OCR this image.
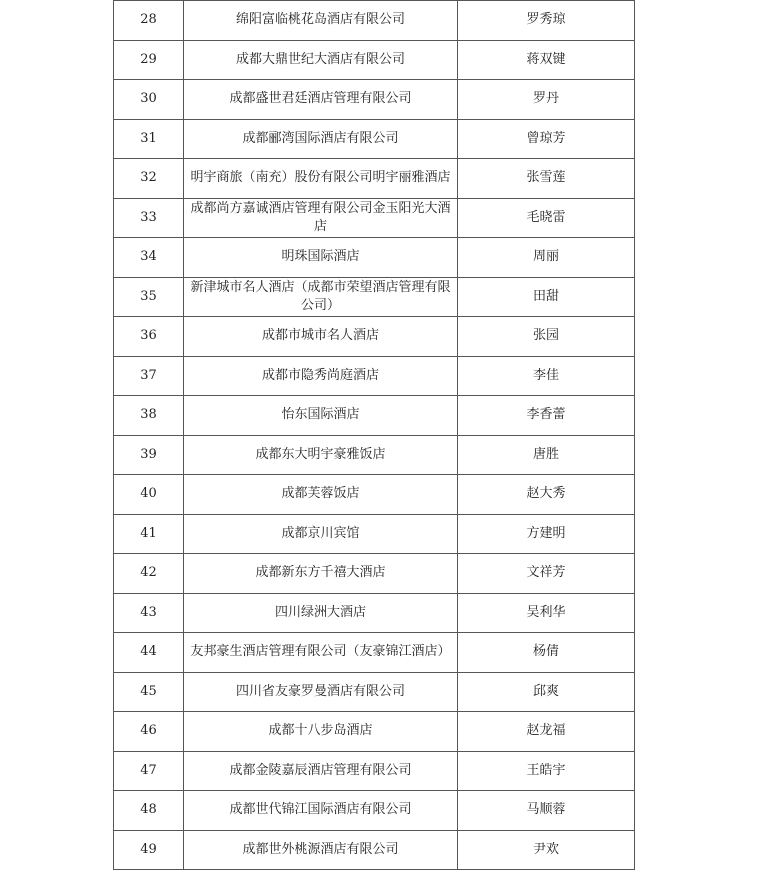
28	绵阳富临桃花岛酒店有限公司	罗秀琼
29	成都大鼎世纪大酒店有限公司	蒋双键
30	成都盛世君廷酒店管理有限公司	罗丹
31	成都郦湾国际酒店有限公司	曾琼芳
32	明宇商旅（南充）股份有限公司明宇丽雅酒店	张雪莲
33	成都尚方嘉诚酒店管理有限公司金玉阳光大酒店	毛晓雷
34	明珠国际酒店	周丽
35	新津城市名人酒店（成都市荣望酒店管理有限公司）	田甜
36	成都市城市名人酒店	张园
37	成都市隐秀尚庭酒店	李佳
38	怡东国际酒店	李香蕾
39	成都东大明宇豪雅饭店	唐胜
40	成都芙蓉饭店	赵大秀
41	成都京川宾馆	方建明
42	成都新东方千禧大酒店	文祥芳
43	四川绿洲大酒店	吴利华
44	友邦豪生酒店管理有限公司（友豪锦江酒店）	杨倩
45	四川省友豪罗曼酒店有限公司	邱爽
46	成都十八步岛酒店	赵龙福
47	成都金陵嘉辰酒店管理有限公司	王皓宇
48	成都世代锦江国际酒店有限公司	马顺蓉
49	成都世外桃源酒店有限公司	尹欢
